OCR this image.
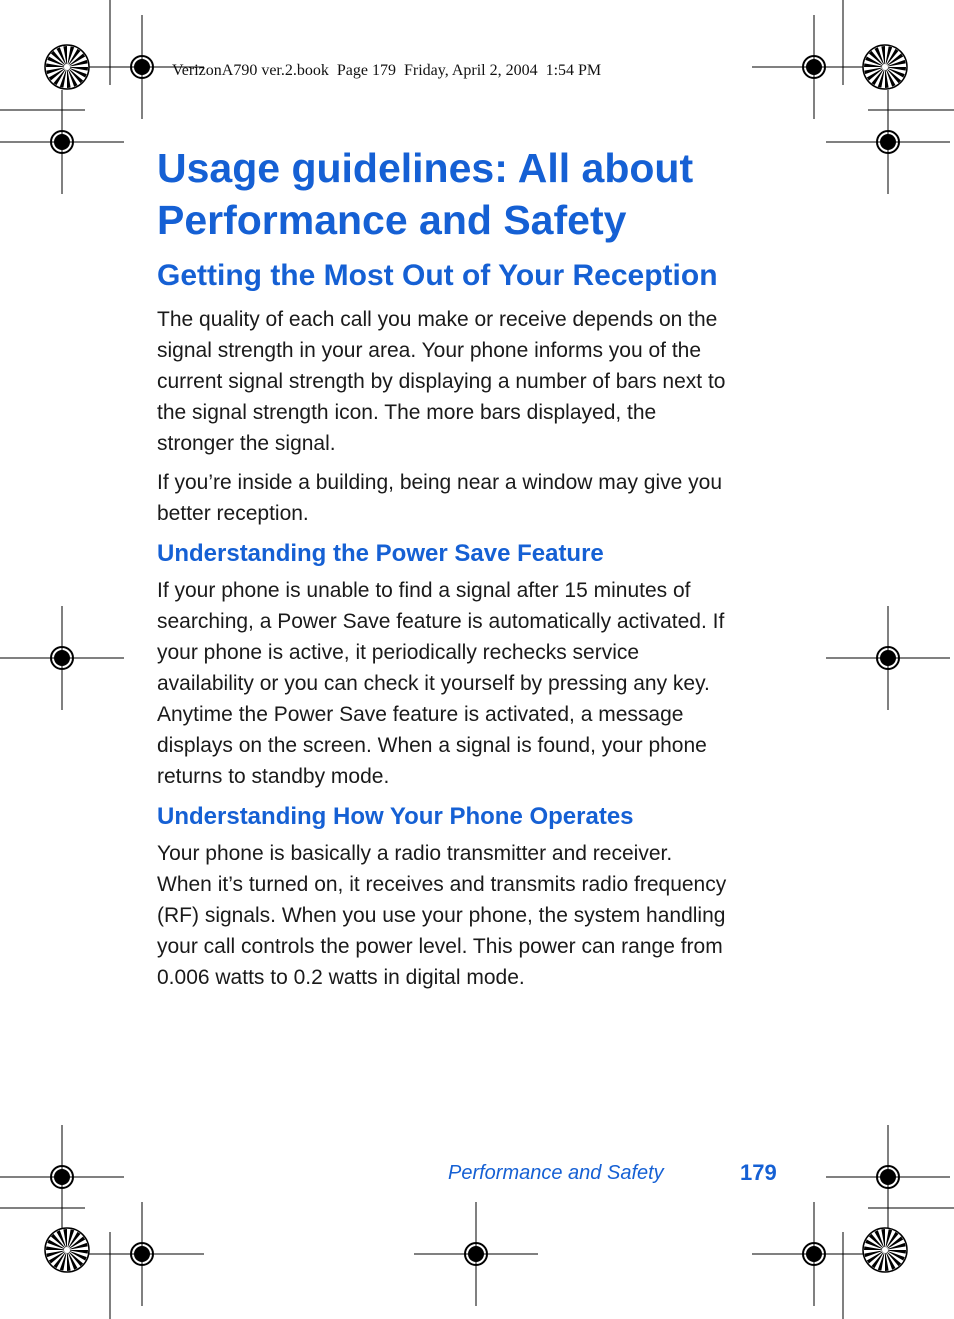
VerizonA790 ver.2.book  Page 179  Friday, April 2, 2004  1:54 PM
Usage guidelines: All about
Performance and Safety
Getting the Most Out of Your Reception

The quality of each call you make or receive depends on the
signal strength in your area. Your phone informs you of the
current signal strength by displaying a number of bars next to
the signal strength icon. The more bars displayed, the
stronger the signal.

If you’re inside a building, being near a window may give you
better reception.

Understanding the Power Save Feature

If your phone is unable to find a signal after 15 minutes of
searching, a Power Save feature is automatically activated. If
your phone is active, it periodically rechecks service
availability or you can check it yourself by pressing any key.
Anytime the Power Save feature is activated, a message
displays on the screen. When a signal is found, your phone
returns to standby mode.

Understanding How Your Phone Operates

Your phone is basically a radio transmitter and receiver.
When it’s turned on, it receives and transmits radio frequency
(RF) signals. When you use your phone, the system handling
your call controls the power level. This power can range from
0.006 watts to 0.2 watts in digital mode.

Performance and Safety	179
